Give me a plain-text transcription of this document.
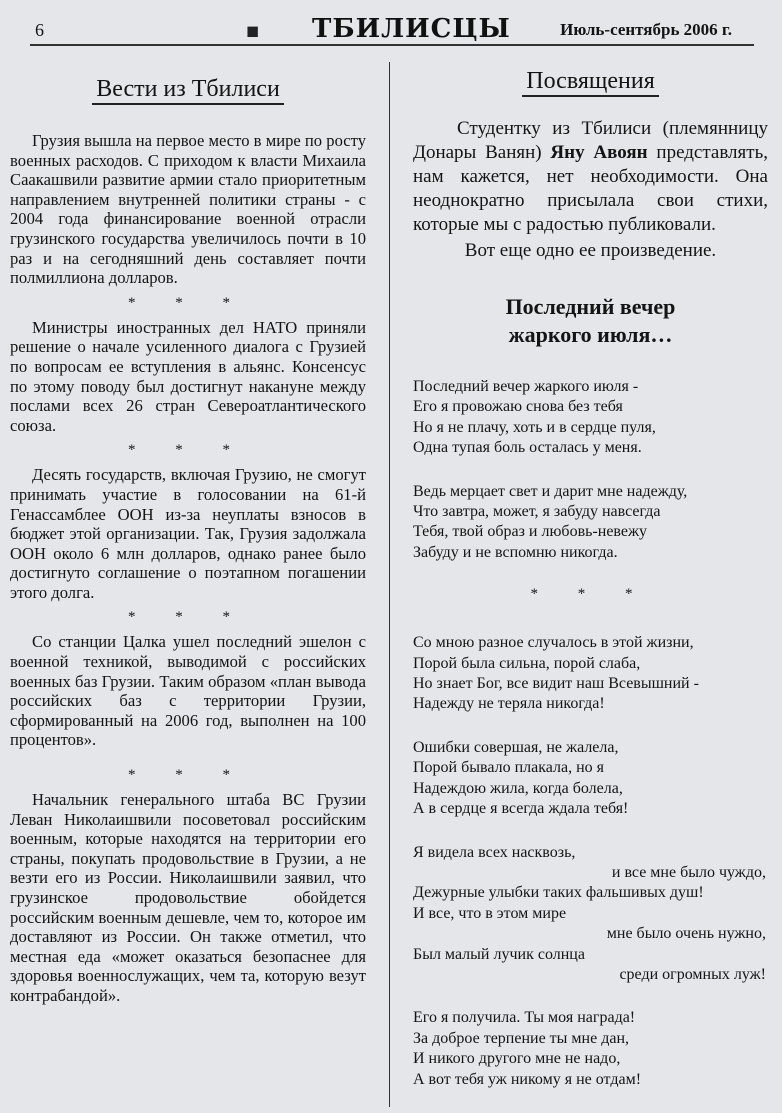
6	◼ ТБИЛИСЦЫ	Июль-сентябрь 2006 г.
Вести из Тбилиси

Грузия вышла на первое место в мире по росту военных расходов. С приходом к власти Михаила Саакашвили развитие армии стало приоритетным направлением внутренней политики страны - с 2004 года финансирование военной отрасли грузинского государства увеличилось почти в 10 раз и на сегодняшний день составляет почти полмиллиона долларов.

* * *

Министры иностранных дел НАТО приняли решение о начале усиленного диалога с Грузией по вопросам ее вступления в альянс. Консенсус по этому поводу был достигнут накануне между послами всех 26 стран Североатлантического союза.

* * *

Десять государств, включая Грузию, не смогут принимать участие в голосовании на 61-й Генассамблее ООН из-за неуплаты взносов в бюджет этой организации. Так, Грузия задолжала ООН около 6 млн долларов, однако ранее было достигнуто соглашение о поэтапном погашении этого долга.

* * *

Со станции Цалка ушел последний эшелон с военной техникой, выводимой с российских военных баз Грузии. Таким образом «план вывода российских баз с территории Грузии, сформированный на 2006 год, выполнен на 100 процентов».

* * *

Начальник генерального штаба ВС Грузии Леван Николаишвили посоветовал российским военным, которые находятся на территории его страны, покупать продовольствие в Грузии, а не везти его из России. Николаишвили заявил, что грузинское продовольствие обойдется российским военным дешевле, чем то, которое им доставляют из России. Он также отметил, что местная еда «может оказаться безопаснее для здоровья военнослужащих, чем та, которую везут контрабандой».

Посвящения

Студентку из Тбилиси (племянницу Донары Ванян) Яну Авоян представлять, нам кажется, нет необходимости. Она неоднократно присылала свои стихи, которые мы с радостью публиковали.

Вот еще одно ее произведение.

Последний вечер
жаркого июля…
Последний вечер жаркого июля -
Его я провожаю снова без тебя
Но я не плачу, хоть и в сердце пуля,
Одна тупая боль осталась у меня.
Ведь мерцает свет и дарит мне надежду,
Что завтра, может, я забуду навсегда
Тебя, твой образ и любовь-невежу
Забуду и не вспомню никогда.
* * *
Со мною разное случалось в этой жизни,
Порой была сильна, порой слаба,
Но знает Бог, все видит наш Всевышний -
Надежду не теряла никогда!
Ошибки совершая, не жалела,
Порой бывало плакала, но я
Надеждою жила, когда болела,
А в сердце я всегда ждала тебя!
Я видела всех насквозь,
и все мне было чуждо,
Дежурные улыбки таких фальшивых душ!
И все, что в этом мире
мне было очень нужно,
Был малый лучик солнца
среди огромных луж!
Его я получила. Ты моя награда!
За доброе терпение ты мне дан,
И никого другого мне не надо,
А вот тебя уж никому я не отдам!
